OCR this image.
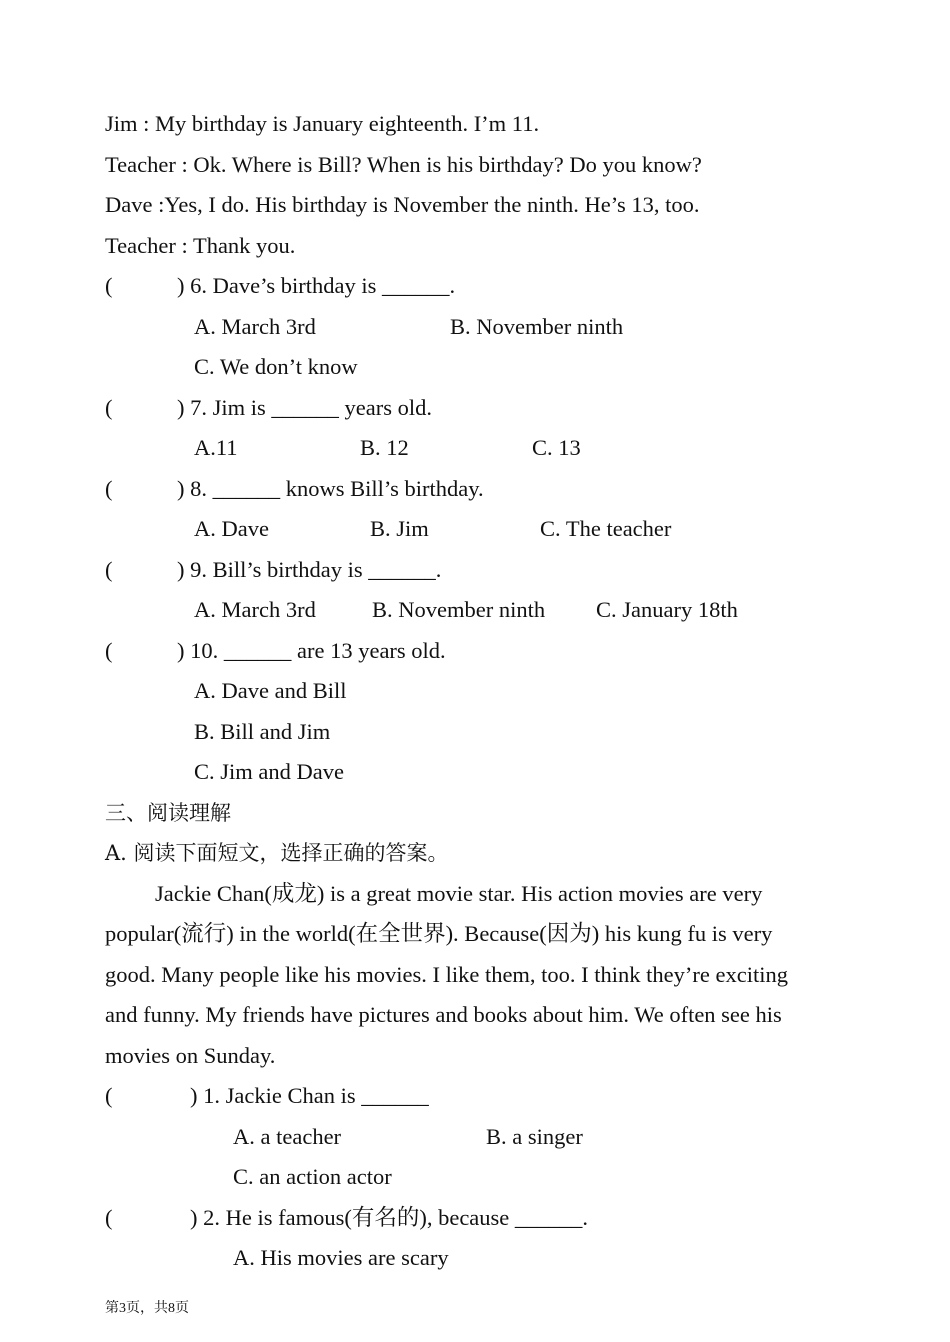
Jim : My birthday is January eighteenth. I’m 11.
Teacher : Ok. Where is Bill? When is his birthday? Do you know?
Dave :Yes, I do. His birthday is November the ninth. He’s 13, too.
Teacher : Thank you.
(	) 6. Dave’s birthday is ______.
A. March 3rd	B. November ninth
C. We don’t know
(	) 7. Jim is ______ years old.
A.11	B. 12	C. 13
(	) 8. ______ knows Bill’s birthday.
A. Dave	B. Jim	C. The teacher
(	) 9. Bill’s birthday is ______.
A. March 3rd B. November ninth C. January 18th
(	) 10. ______ are 13 years old.
A. Dave and Bill
B. Bill and Jim
C. Jim and Dave
三、阅读理解
A. 阅读下面短文，选择正确的答案。
Jackie Chan(成龙) is a great movie star. His action movies are very
popular(流行) in the world(在全世界). Because(因为) his kung fu is very
good. Many people like his movies. I like them, too. I think they’re exciting
and funny. My friends have pictures and books about him. We often see his
movies on Sunday.
(	) 1. Jackie Chan is ______
A. a teacher	B. a singer
C. an action actor
(	) 2. He is famous(有名的), because ______.
A. His movies are scary
第3页，共8页
